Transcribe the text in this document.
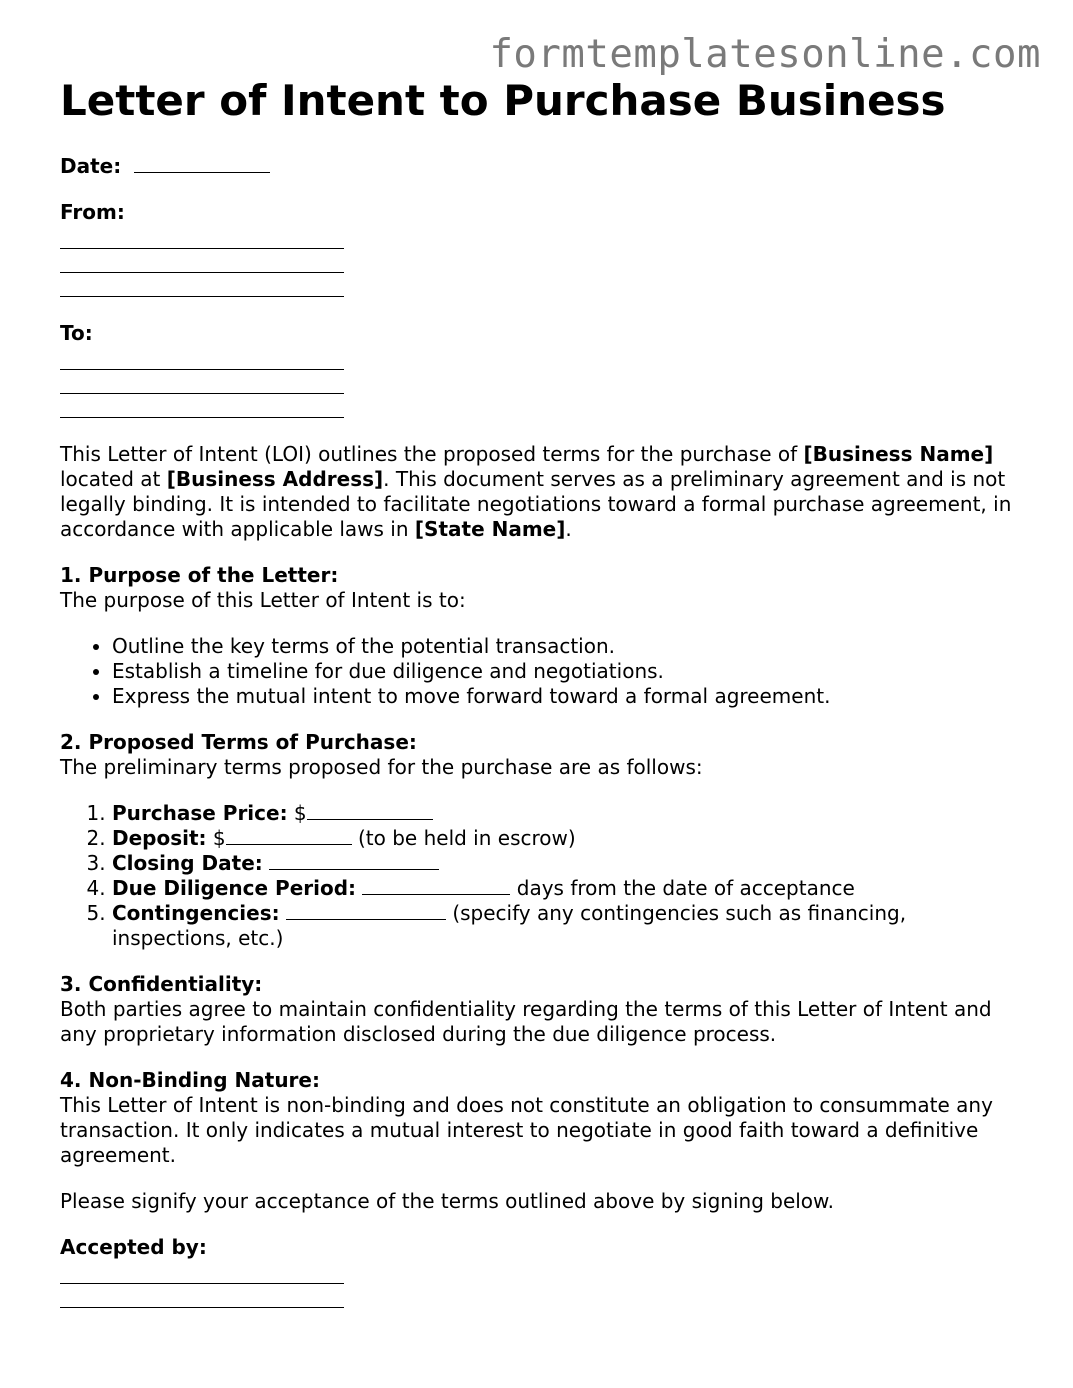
formtemplatesonline.com
Letter of Intent to Purchase Business

Date:

From:

To:

This Letter of Intent (LOI) outlines the proposed terms for the purchase of [Business Name] located at [Business Address]. This document serves as a preliminary agreement and is not legally binding. It is intended to facilitate negotiations toward a formal purchase agreement, in accordance with applicable laws in [State Name].

1. Purpose of the Letter:

The purpose of this Letter of Intent is to:

• Outline the key terms of the potential transaction.
• Establish a timeline for due diligence and negotiations.
• Express the mutual intent to move forward toward a formal agreement.

2. Proposed Terms of Purchase:

The preliminary terms proposed for the purchase are as follows:

1. Purchase Price: $
2. Deposit: $	(to be held in escrow)
3. Closing Date:
4. Due Diligence Period:	days from the date of acceptance
5. Contingencies:	(specify any contingencies such as financing, inspections, etc.)

3. Confidentiality:

Both parties agree to maintain confidentiality regarding the terms of this Letter of Intent and any proprietary information disclosed during the due diligence process.

4. Non-Binding Nature:

This Letter of Intent is non-binding and does not constitute an obligation to consummate any transaction. It only indicates a mutual interest to negotiate in good faith toward a definitive agreement.

Please signify your acceptance of the terms outlined above by signing below.

Accepted by:
